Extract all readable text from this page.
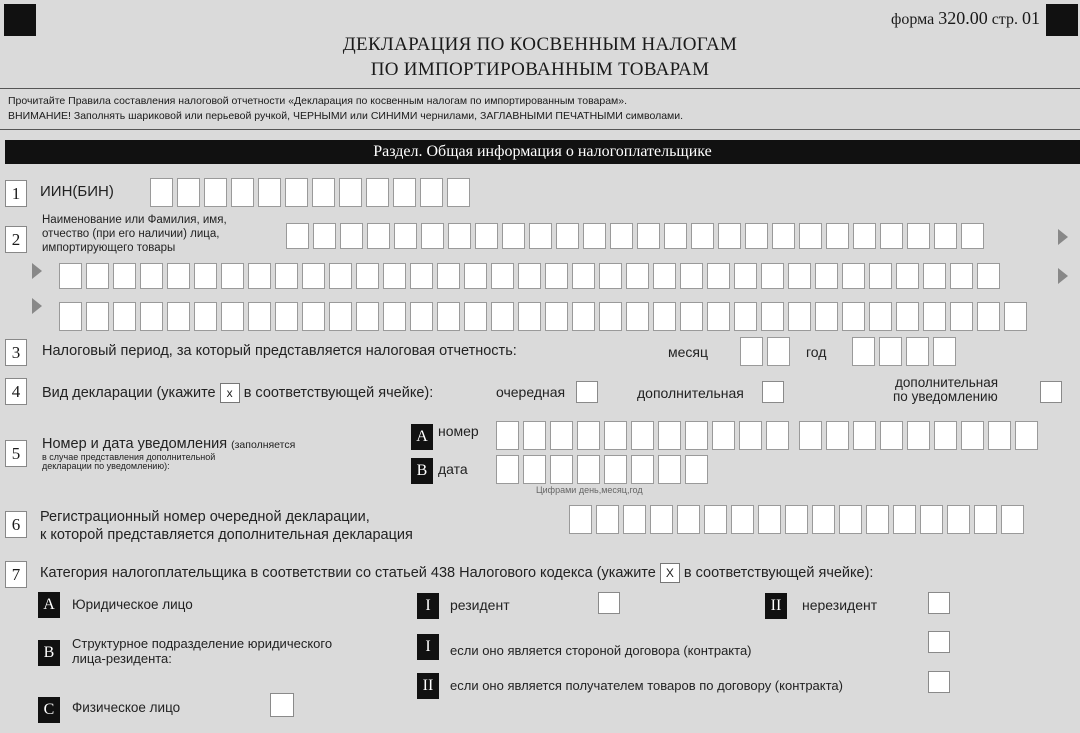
форма 320.00 стр. 01
ДЕКЛАРАЦИЯ ПО КОСВЕННЫМ НАЛОГАМ
ПО ИМПОРТИРОВАННЫМ ТОВАРАМ
Прочитайте Правила составления налоговой отчетности «Декларация по косвенным налогам по импортированным товарам».
ВНИМАНИЕ! Заполнять шариковой или перьевой ручкой, ЧЕРНЫМИ или СИНИМИ чернилами, ЗАГЛАВНЫМИ ПЕЧАТНЫМИ символами.
Раздел. Общая информация о налогоплательщике
1	ИИН(БИН)
2
Наименование или Фамилия, имя,
отчество (при его наличии) лица,
импортирующего товары
3	Налоговый период, за который представляется налоговая отчетность:	месяц	год
4	Вид декларации (укажите x в соответствующей ячейке):	очередная	дополнительная
дополнительная
по уведомлению
5	Номер и дата уведомления (заполняется
в случае представления дополнительной
декларации по уведомлению):
A номер
B дата
Цифрами день,месяц,год
6	Регистрационный номер очередной декларации,
к которой представляется дополнительная декларация
7	Категория налогоплательщика в соответствии со статьей 438 Налогового кодекса (укажите X в соответствующей ячейке):
A	Юридическое лицо
B
Структурное подразделение юридического
лица-резидента:
C	Физическое лицо
I	резидент	II	нерезидент
I	если оно является стороной договора (контракта)
II	если оно является получателем товаров по договору (контракта)
